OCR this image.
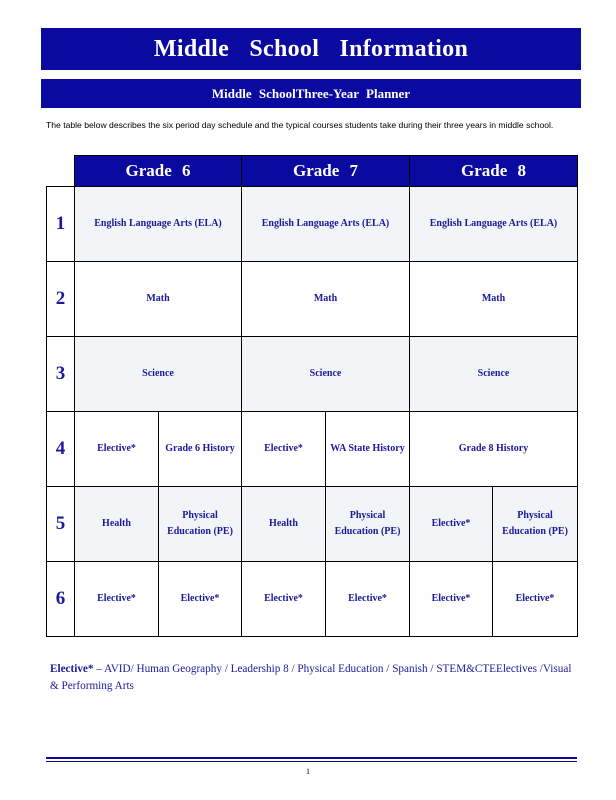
Middle School Information
Middle SchoolThree-Year Planner
The table below describes the six period day schedule and the typical courses students take during their three years in middle school.
	Grade 6		Grade 7		Grade 8	
1	English Language Arts (ELA)		English Language Arts (ELA)		English Language Arts (ELA)	
2	Math		Math		Math	
3	Science		Science		Science	
4	Elective*	Grade 6 History	Elective*	WA State History	Grade 8 History	
5	Health	Physical Education (PE)	Health	Physical Education (PE)	Elective*	Physical Education (PE)
6	Elective*	Elective*	Elective*	Elective*	Elective*	Elective*
Elective* – AVID/ Human Geography / Leadership 8 / Physical Education / Spanish / STEM&CTEElectives /Visual & Performing Arts
1
